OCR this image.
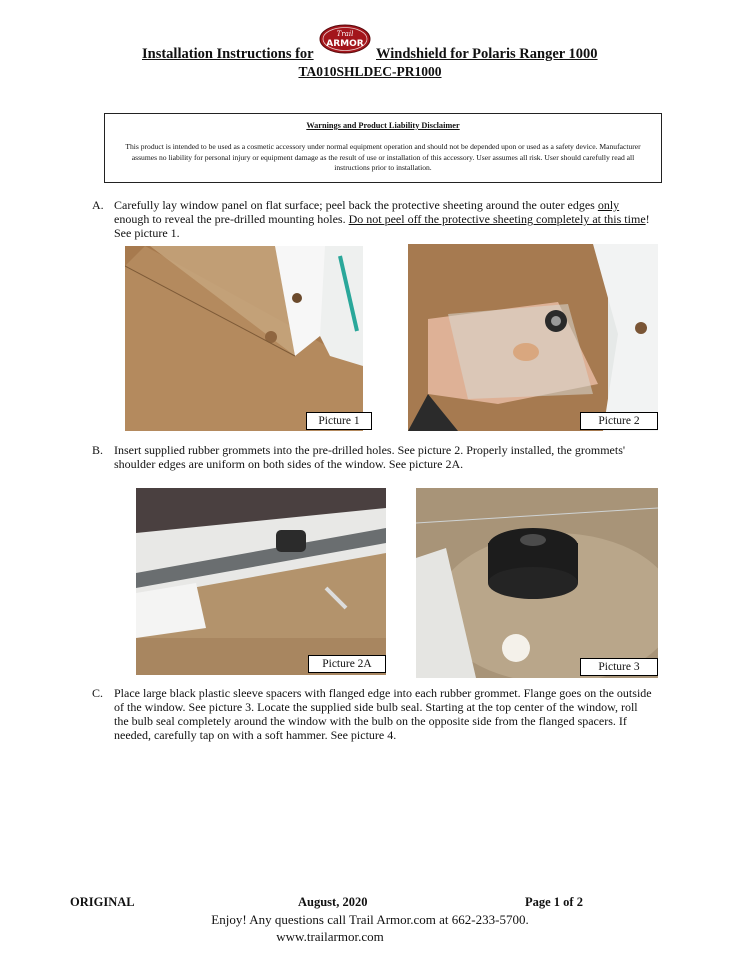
Installation Instructions for
Trail
ARMOR
Windshield for Polaris Ranger 1000
TA010SHLDEC-PR1000
Warnings and Product Liability Disclaimer
This product is intended to be used as a cosmetic accessory under normal equipment operation and should not be depended upon or used as a safety device. Manufacturer assumes no liability for personal injury or equipment damage as the result of use or installation of this accessory. User assumes all risk. User should carefully read all instructions prior to installation.
A. Carefully lay window panel on flat surface; peel back the protective sheeting around the outer edges only enough to reveal the pre-drilled mounting holes. Do not peel off the protective sheeting completely at this time! See picture 1.
Picture 1	Picture 2
B. Insert supplied rubber grommets into the pre-drilled holes. See picture 2. Properly installed, the grommets' shoulder edges are uniform on both sides of the window. See picture 2A.
Picture 2A	Picture 3
C. Place large black plastic sleeve spacers with flanged edge into each rubber grommet. Flange goes on the outside of the window. See picture 3. Locate the supplied side bulb seal. Starting at the top center of the window, roll the bulb seal completely around the window with the bulb on the opposite side from the flanged spacers. If needed, carefully tap on with a soft hammer. See picture 4.
ORIGINAL	August, 2020	Page 1 of 2
Enjoy! Any questions call Trail Armor.com at 662-233-5700.
www.trailarmor.com
